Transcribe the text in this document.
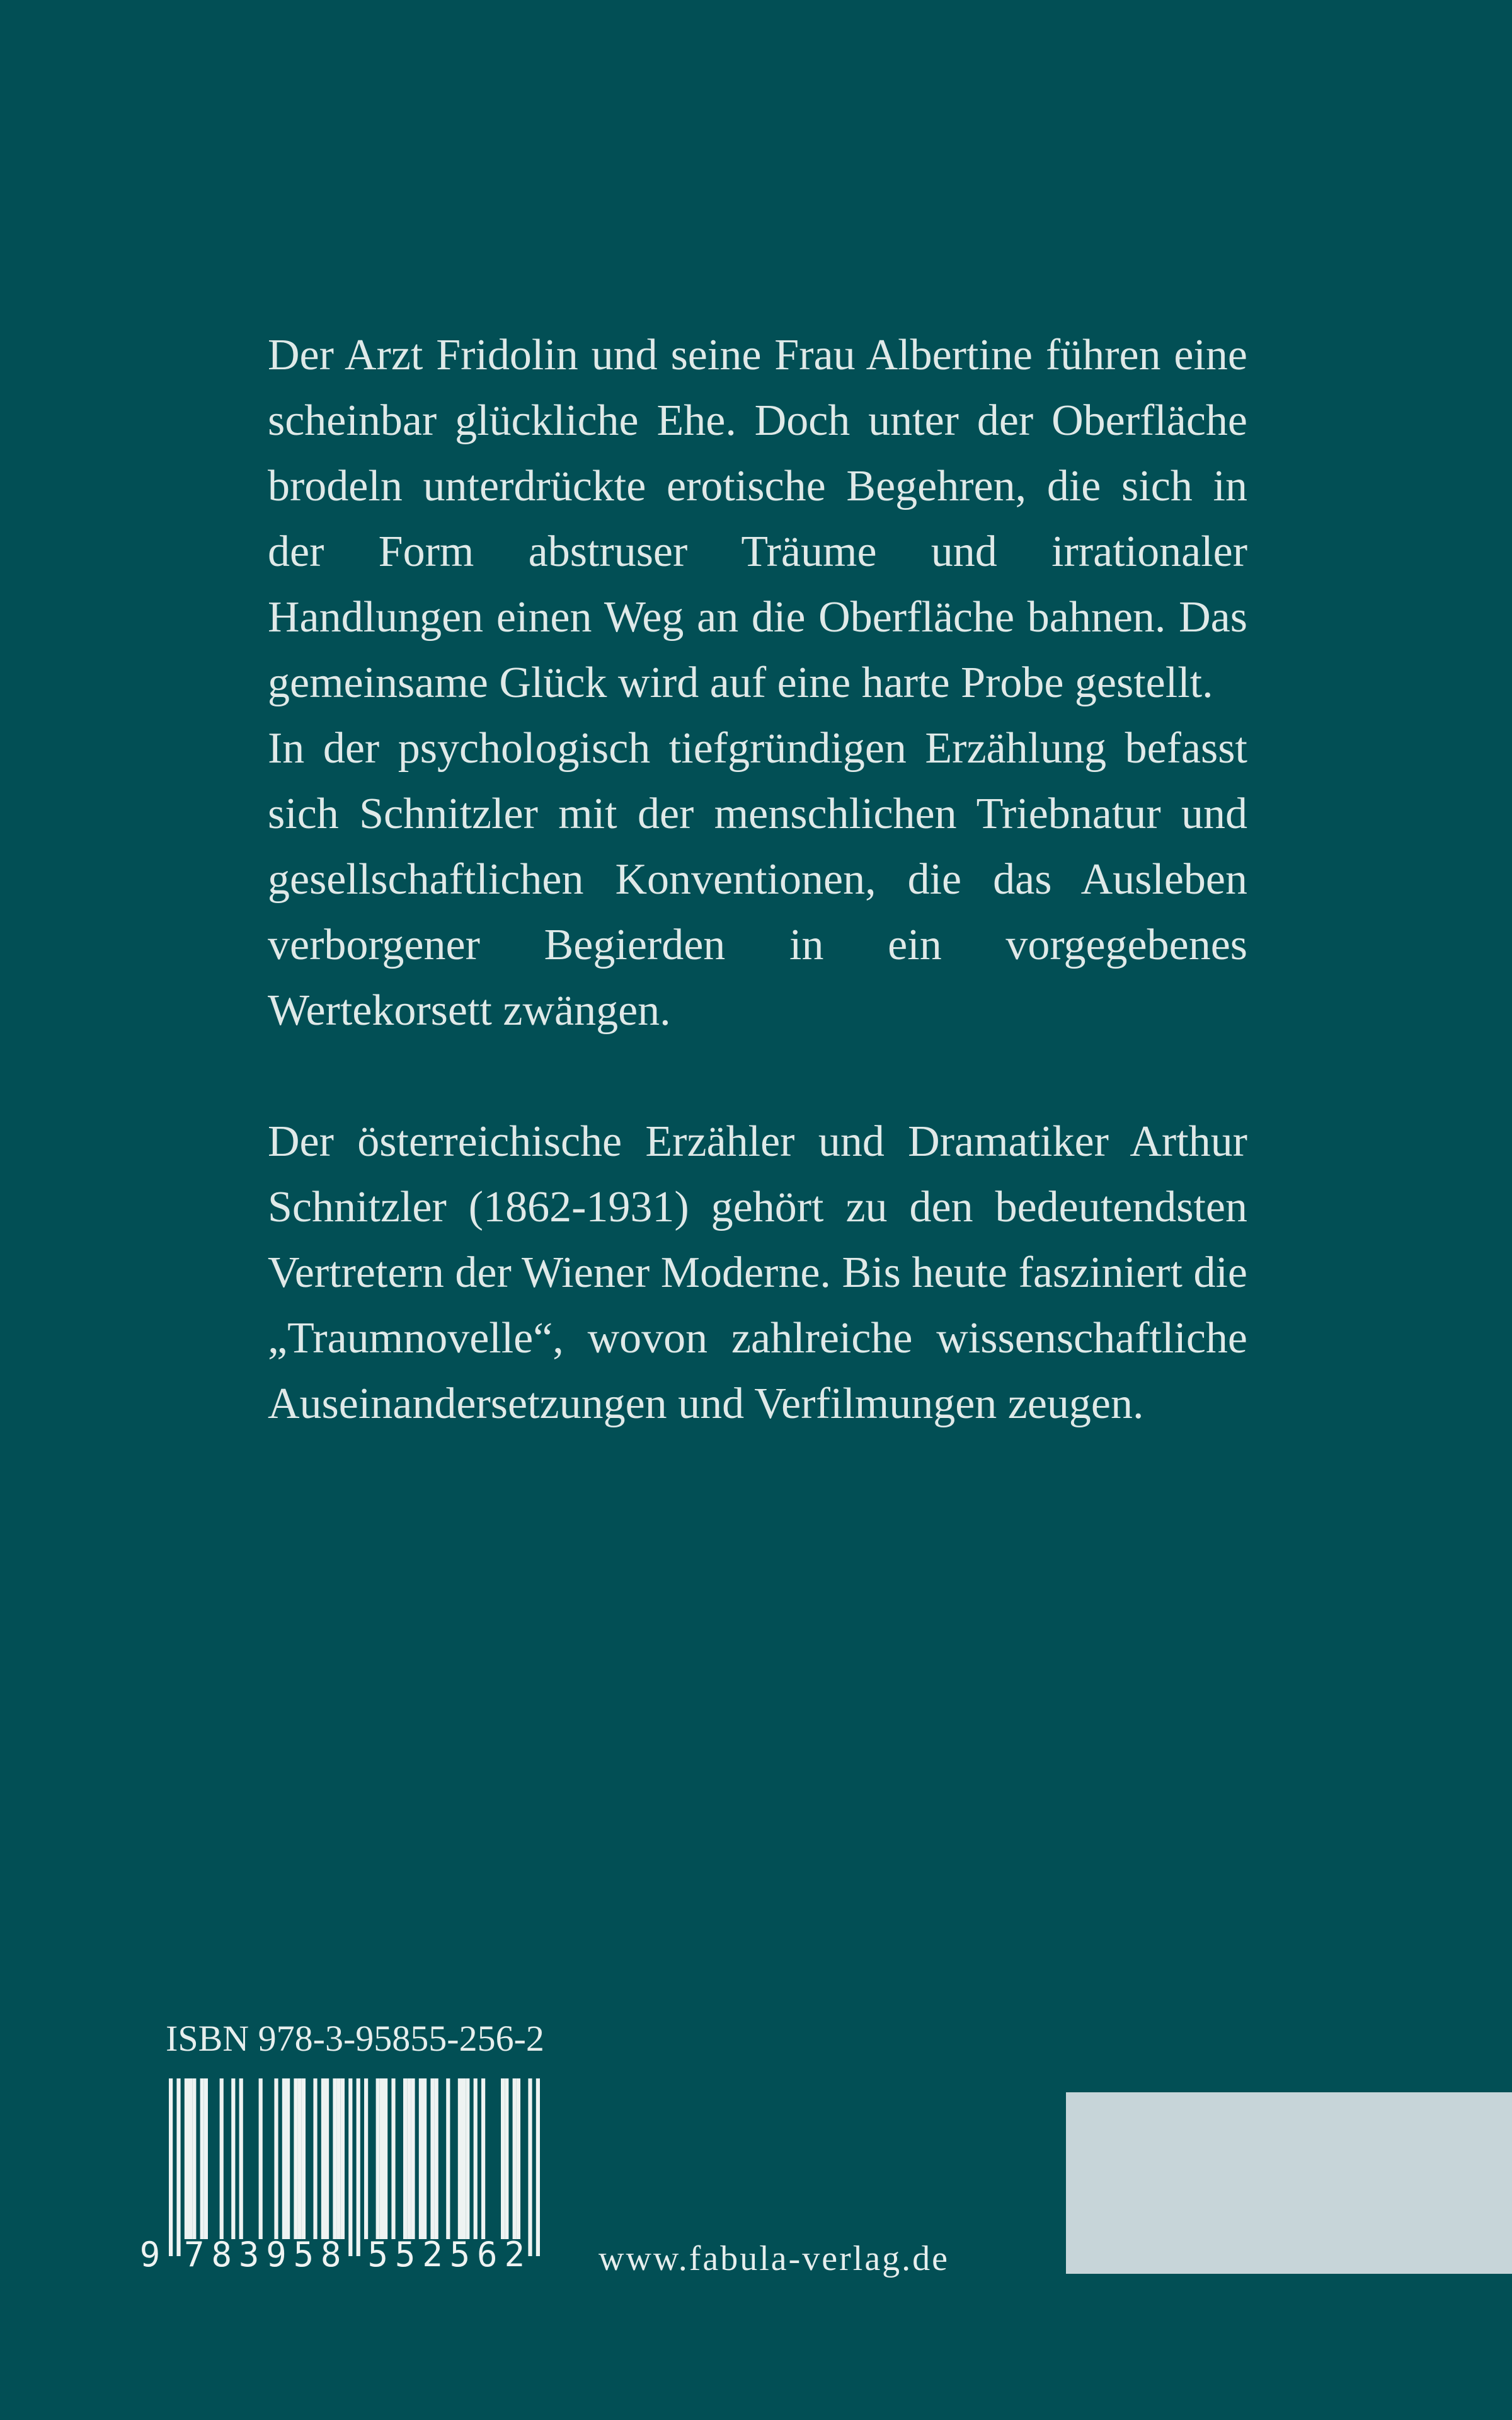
Der Arzt Fridolin und seine Frau Albertine führen eine scheinbar glückliche Ehe. Doch unter der Oberfläche brodeln unterdrückte erotische Begehren, die sich in der Form abstruser Träume und irrationaler Handlungen einen Weg an die Oberfläche bahnen. Das gemeinsame Glück wird auf eine harte Probe gestellt.

In der psychologisch tiefgründigen Erzählung befasst sich Schnitzler mit der menschlichen Triebnatur und gesellschaftlichen Konventionen, die das Ausleben verborgener Begierden in ein vorgegebenes Wertekorsett zwängen.

Der österreichische Erzähler und Dramatiker Arthur Schnitzler (1862-1931) gehört zu den bedeutendsten Vertretern der Wiener Moderne. Bis heute fasziniert die „Traumnovelle“, wovon zahlreiche wissenschaftliche Auseinandersetzungen und Verfilmungen zeugen.

ISBN 978-3-95855-256-2
9 7 8 3 9 5 8 5 5 2 5 6 2 www.fabula-verlag.de
